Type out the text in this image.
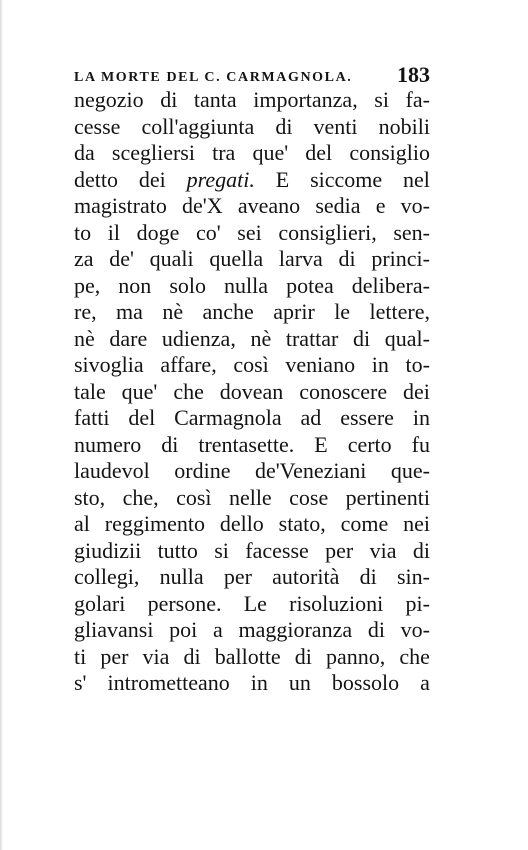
LA MORTE DEL C. CARMAGNOLA. 183
negozio di tanta importanza, si fa-
cesse coll'aggiunta di venti nobili
da scegliersi tra que' del consiglio
detto dei pregati. E siccome nel
magistrato de'X aveano sedia e vo-
to il doge co' sei consiglieri, sen-
za de' quali quella larva di princi-
pe, non solo nulla potea delibera-
re, ma nè anche aprir le lettere,
nè dare udienza, nè trattar di qual-
sivoglia affare, così veniano in to-
tale que' che dovean conoscere dei
fatti del Carmagnola ad essere in
numero di trentasette. E certo fu
laudevol ordine de'Veneziani que-
sto, che, così nelle cose pertinenti
al reggimento dello stato, come nei
giudizii tutto si facesse per via di
collegi, nulla per autorità di sin-
golari persone. Le risoluzioni pi-
gliavansi poi a maggioranza di vo-
ti per via di ballotte di panno, che
s' intrometteano in un bossolo a
